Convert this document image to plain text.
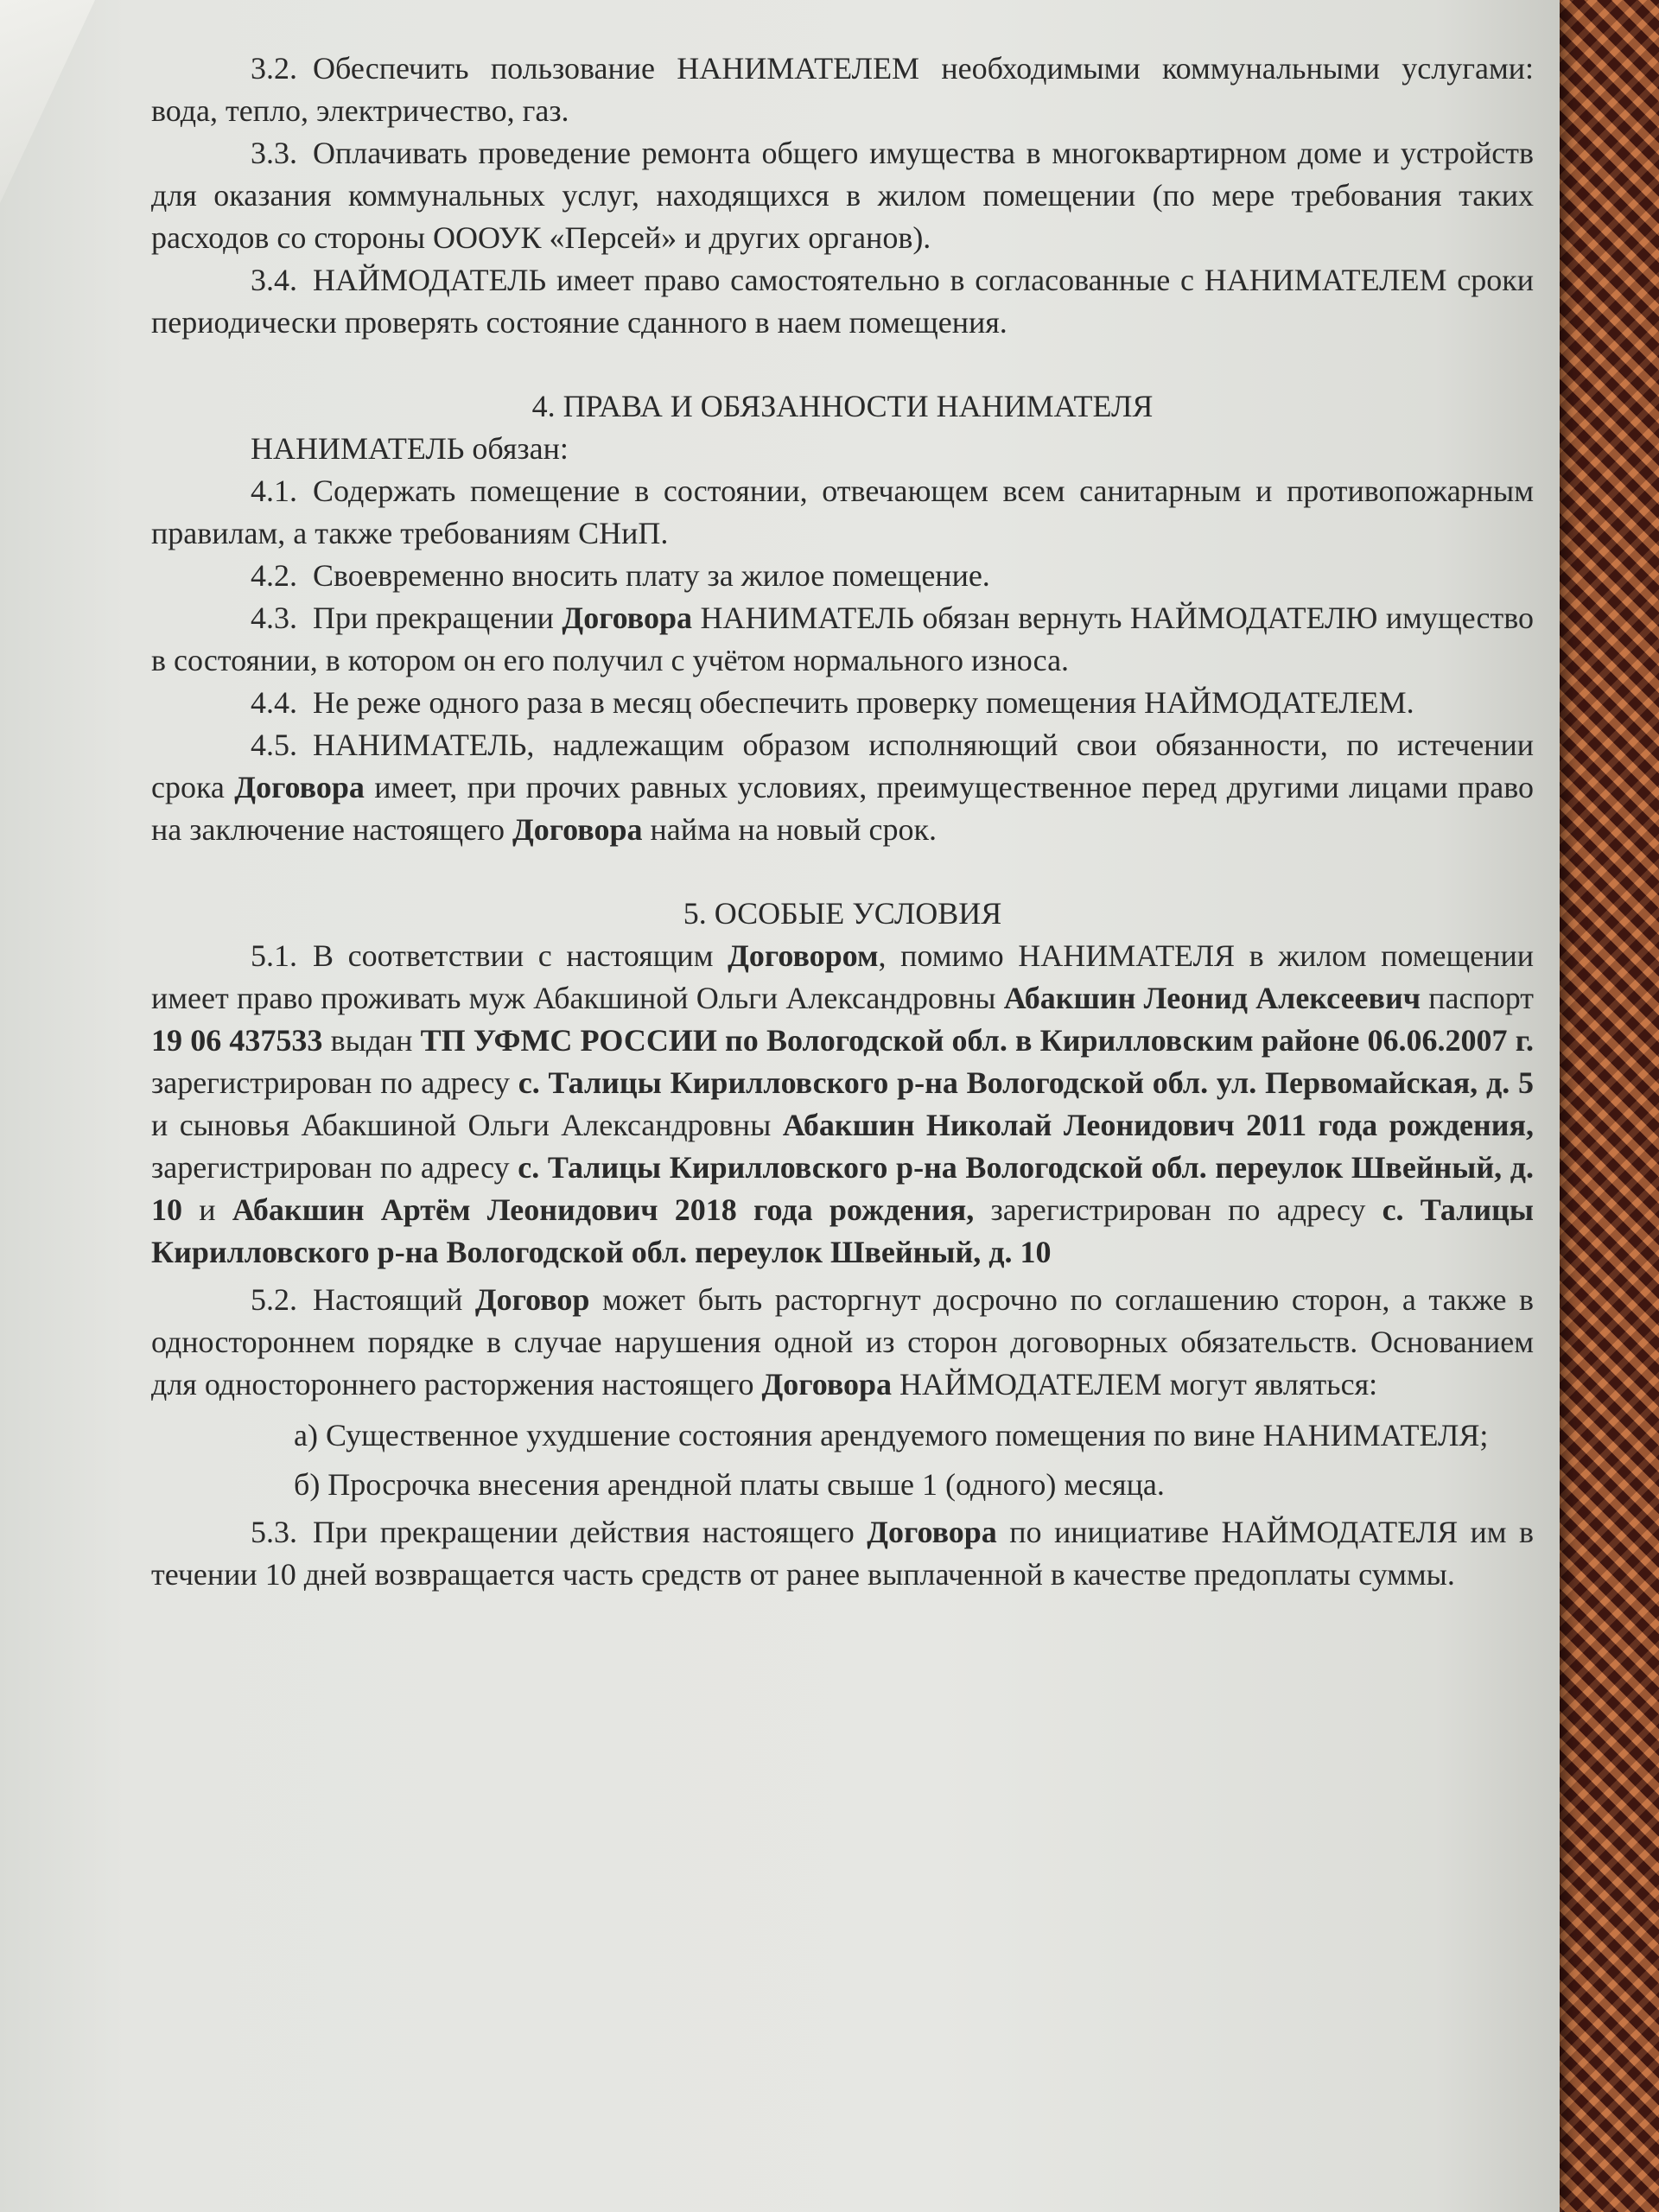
3.2. Обеспечить пользование НАНИМАТЕЛЕМ необходимыми коммунальными услугами: вода, тепло, электричество, газ.

3.3. Оплачивать проведение ремонта общего имущества в многоквартирном доме и устройств для оказания коммунальных услуг, находящихся в жилом помещении (по мере требования таких расходов со стороны ОООУК «Персей» и других органов).

3.4. НАЙМОДАТЕЛЬ имеет право самостоятельно в согласованные с НАНИМАТЕЛЕМ сроки периодически проверять состояние сданного в наем помещения.

4. ПРАВА И ОБЯЗАННОСТИ НАНИМАТЕЛЯ

НАНИМАТЕЛЬ обязан:

4.1. Содержать помещение в состоянии, отвечающем всем санитарным и противопожарным правилам, а также требованиям СНиП.

4.2. Своевременно вносить плату за жилое помещение.

4.3. При прекращении Договора НАНИМАТЕЛЬ обязан вернуть НАЙМОДАТЕЛЮ имущество в состоянии, в котором он его получил с учётом нормального износа.

4.4. Не реже одного раза в месяц обеспечить проверку помещения НАЙМОДАТЕЛЕМ.

4.5. НАНИМАТЕЛЬ, надлежащим образом исполняющий свои обязанности, по истечении срока Договора имеет, при прочих равных условиях, преимущественное перед другими лицами право на заключение настоящего Договора найма на новый срок.

5. ОСОБЫЕ УСЛОВИЯ

5.1. В соответствии с настоящим Договором, помимо НАНИМАТЕЛЯ в жилом помещении имеет право проживать муж Абакшиной Ольги Александровны Абакшин Леонид Алексеевич паспорт 19 06 437533 выдан ТП УФМС РОССИИ по Вологодской обл. в Кирилловским районе 06.06.2007 г. зарегистрирован по адресу с. Талицы Кирилловского р-на Вологодской обл. ул. Первомайская, д. 5 и сыновья Абакшиной Ольги Александровны Абакшин Николай Леонидович 2011 года рождения, зарегистрирован по адресу с. Талицы Кирилловского р-на Вологодской обл. переулок Швейный, д. 10 и Абакшин Артём Леонидович 2018 года рождения, зарегистрирован по адресу с. Талицы Кирилловского р-на Вологодской обл. переулок Швейный, д. 10

5.2. Настоящий Договор может быть расторгнут досрочно по соглашению сторон, а также в одностороннем порядке в случае нарушения одной из сторон договорных обязательств. Основанием для одностороннего расторжения настоящего Договора НАЙМОДАТЕЛЕМ могут являться:

а) Существенное ухудшение состояния арендуемого помещения по вине НАНИМАТЕЛЯ;

б) Просрочка внесения арендной платы свыше 1 (одного) месяца.

5.3. При прекращении действия настоящего Договора по инициативе НАЙМОДАТЕЛЯ им в течении 10 дней возвращается часть средств от ранее выплаченной в качестве предоплаты суммы.
